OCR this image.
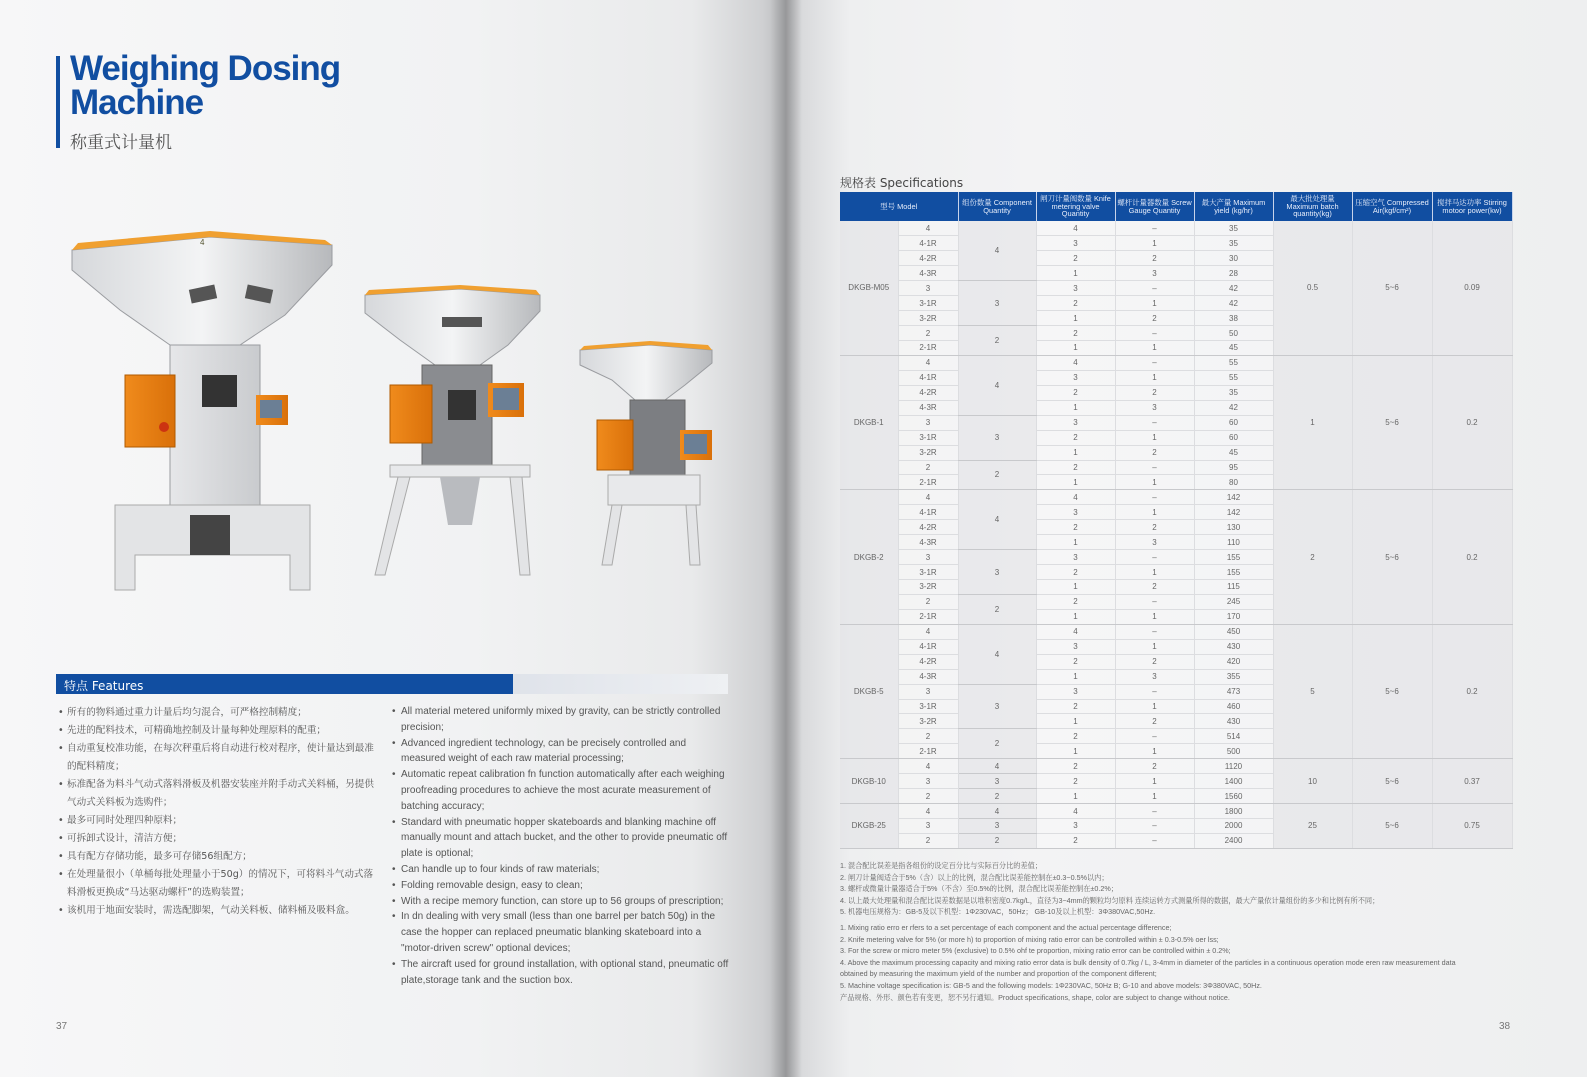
Weighing Dosing
Machine
称重式计量机
4
特点 Features
• 所有的物料通过重力计量后均匀混合，可严格控制精度；
• 先进的配料技术，可精确地控制及计量每种处理原料的配重；
• 自动重复校准功能，在每次秤重后将自动进行校对程序，使计量达到最准的配料精度；
• 标准配备为料斗气动式落料滑板及机器安装座并附手动式关料桶，另提供气动式关料板为选购件；
• 最多可同时处理四种原料；
• 可拆卸式设计，清洁方便；
• 具有配方存储功能，最多可存储56组配方；
• 在处理量很小（单桶每批处理量小于50g）的情况下，可将料斗气动式落料滑板更换成“马达驱动螺杆”的选购装置；
• 该机用于地面安装时，需选配脚架，气动关料板、储料桶及吸料盒。
• All material metered uniformly mixed by gravity, can be strictly controlled precision;
• Advanced ingredient technology, can be precisely controlled and measured weight of each raw material processing;
• Automatic repeat calibration fn function automatically after each weighing proofreading procedures to achieve the most acurate measurement of batching accuracy;
• Standard with pneumatic hopper skateboards and blanking machine off manually mount and attach bucket, and the other to provide pneumatic off plate is optional;
• Can handle up to four kinds of raw materials;
• Folding removable design, easy to clean;
• With a recipe memory function, can store up to 56 groups of prescription;
• In dn dealing with very small (less than one barrel per batch 50g) in the case the hopper can replaced pneumatic blanking skateboard into a "motor-driven screw" optional devices;
• The aircraft used for ground installation, with optional stand, pneumatic off plate,storage tank and the suction box.
37
规格表 Specifications
型号 Model		组份数量 Component Quantity	闸刀计量阀数量 Knife metering valve Quantity	螺杆计量器数量 Screw Gauge Quantity	最大产量 Maximum yield (kg/hr)	最大批处理量 Maximum batch quantity(kg)	压缩空气 Compressed Air(kgf/cm²)	搅拌马达功率 Stirring motoor power(kw)
DKGB-M05	4	4	4	–	35	0.5	5~6	0.09
	4-1R		3	1	35			
	4-2R		2	2	30			
	4-3R		1	3	28			
	3	3	3	–	42			
	3-1R		2	1	42			
	3-2R		1	2	38			
	2	2	2	–	50			
	2-1R		1	1	45			
DKGB-1	4	4	4	–	55	1	5~6	0.2
	4-1R		3	1	55			
	4-2R		2	2	35			
	4-3R		1	3	42			
	3	3	3	–	60			
	3-1R		2	1	60			
	3-2R		1	2	45			
	2	2	2	–	95			
	2-1R		1	1	80			
DKGB-2	4	4	4	–	142	2	5~6	0.2
	4-1R		3	1	142			
	4-2R		2	2	130			
	4-3R		1	3	110			
	3	3	3	–	155			
	3-1R		2	1	155			
	3-2R		1	2	115			
	2	2	2	–	245			
	2-1R		1	1	170			
DKGB-5	4	4	4	–	450	5	5~6	0.2
	4-1R		3	1	430			
	4-2R		2	2	420			
	4-3R		1	3	355			
	3	3	3	–	473			
	3-1R		2	1	460			
	3-2R		1	2	430			
	2	2	2	–	514			
	2-1R		1	1	500			
DKGB-10	4	4	2	2	1120	10	5~6	0.37
	3	3	2	1	1400			
	2	2	1	1	1560			
DKGB-25	4	4	4	–	1800	25	5~6	0.75
	3	3	3	–	2000			
	2	2	2	–	2400			

1. 混合配比误差是指各组份的设定百分比与实际百分比的差值；

2. 闸刀计量阀适合于5%（含）以上的比例，混合配比误差能控制在±0.3~0.5%以内；

3. 螺杆或微量计量器适合于5%（不含）至0.5%的比例，混合配比误差能控制在±0.2%；

4. 以上最大处理量和混合配比误差数据是以堆积密度0.7kg/L，直径为3~4mm的颗粒均匀原料 连续运转方式测量所得的数据，最大产量依计量组份的多少和比例有所不同；

5. 机器电压规格为：GB-5及以下机型：1Φ230VAC，50Hz； GB-10及以上机型：3Φ380VAC,50Hz.

1. Mixing ratio erro er rfers to a set percentage of each component and the actual percentage difference;

2. Knife metering valve for 5% (or more h) to proportion of mixing ratio error can be controlled within ± 0.3-0.5% oer lss;

3. For the screw or micro meter 5% (exclusive) to 0.5% ohf te proportion, mixing ratio error can be controlled within ± 0.2%;

4. Above the maximum processing capacity and mixing ratio error data is bulk density of 0.7kg / L, 3-4mm in diameter of the particles in a continuous operation mode eren raw measurement data

obtained by measuring the maximum yield of the number and proportion of the component different;

5. Machine voltage specification is: GB-5 and the following models: 1Φ230VAC, 50Hz B; G-10 and above models: 3Φ380VAC, 50Hz.

产品规格、外形、颜色若有变更，恕不另行通知。Product specifications, shape, color are subject to change without notice.

38
